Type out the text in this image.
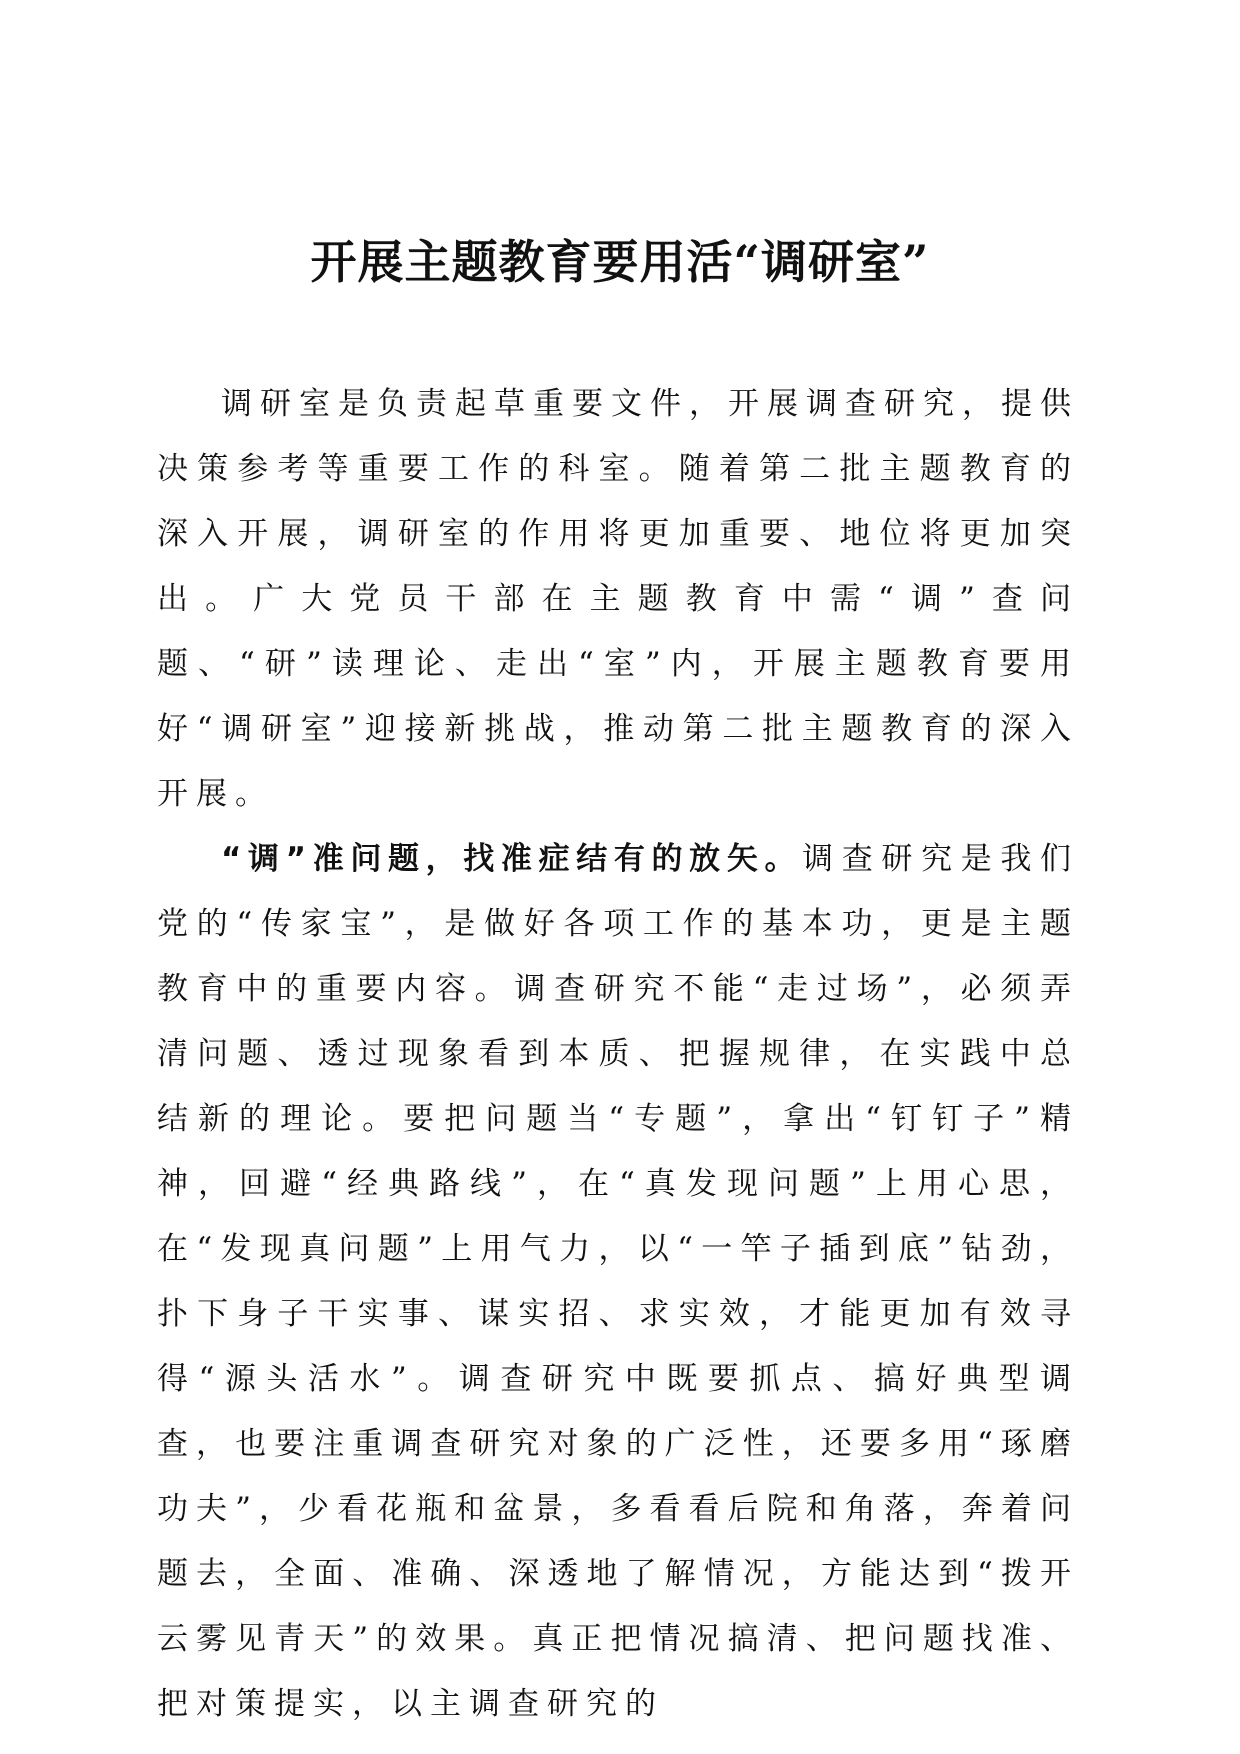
开展主题教育要用活“调研室”

调研室是负责起草重要文件，开展调查研究，提供决策参考等重要工作的科室。随着第二批主题教育的深入开展，调研室的作用将更加重要、地位将更加突出。广大党员干部在主题教育中需“调”查问题、“研”读理论、走出“室”内，开展主题教育要用好“调研室”迎接新挑战，推动第二批主题教育的深入开展。

“调”准问题，找准症结有的放矢。调查研究是我们党的“传家宝”，是做好各项工作的基本功，更是主题教育中的重要内容。调查研究不能“走过场”，必须弄清问题、透过现象看到本质、把握规律，在实践中总结新的理论。要把问题当“专题”，拿出“钉钉子”精神，回避“经典路线”，在“真发现问题”上用心思，在“发现真问题”上用气力，以“一竿子插到底”钻劲，扑下身子干实事、谋实招、求实效，才能更加有效寻得“源头活水”。调查研究中既要抓点、搞好典型调查，也要注重调查研究对象的广泛性，还要多用“琢磨功夫”，少看花瓶和盆景，多看看后院和角落，奔着问题去，全面、准确、深透地了解情况，方能达到“拨开云雾见青天”的效果。真正把情况搞清、把问题找准、把对策提实，以主调查研究的
